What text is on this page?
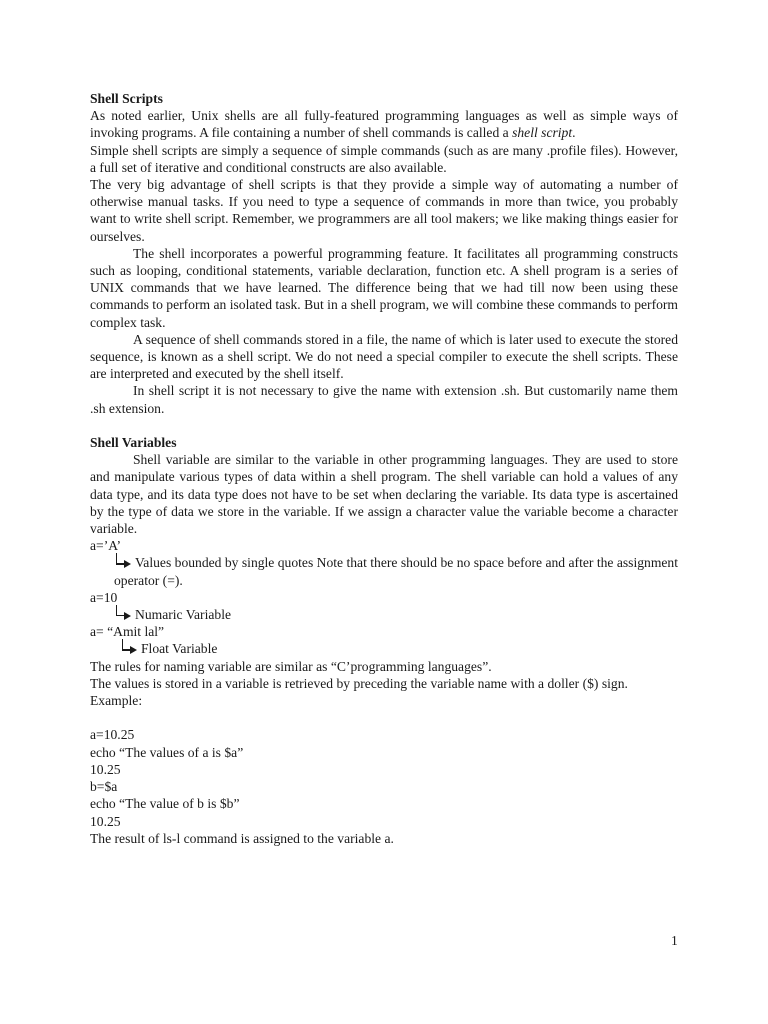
Shell Scripts

As noted earlier, Unix shells are all fully-featured programming languages as well as simple ways of invoking programs. A file containing a number of shell commands is called a shell script.

Simple shell scripts are simply a sequence of simple commands (such as are many .profile files). However, a full set of iterative and conditional constructs are also available.

The very big advantage of shell scripts is that they provide a simple way of automating a number of otherwise manual tasks. If you need to type a sequence of commands in more than twice, you probably want to write shell script. Remember, we programmers are all tool makers; we like making things easier for ourselves.

The shell incorporates a powerful programming feature. It facilitates all programming constructs such as looping, conditional statements, variable declaration, function etc. A shell program is a series of UNIX commands that we have learned. The difference being that we had till now been using these commands to perform an isolated task. But in a shell program, we will combine these commands to perform complex task.

A sequence of shell commands stored in a file, the name of which is later used to execute the stored sequence, is known as a shell script. We do not need a special compiler to execute the shell scripts. These are interpreted and executed by the shell itself.

In shell script it is not necessary to give the name with extension .sh. But customarily name them .sh extension.

Shell Variables

Shell variable are similar to the variable in other programming languages. They are used to store and manipulate various types of data within a shell program. The shell variable can hold a values of any data type, and its data type does not have to be set when declaring the variable. Its data type is ascertained by the type of data we store in the variable. If we assign a character value the variable become a character variable.

a=’A’

Values bounded by single quotes Note that there should be no space before and after the assignment operator (=).

a=10

Numaric Variable

a= “Amit lal”

Float Variable

The rules for naming variable are similar as “C’programming languages”.

The values is stored in a variable is retrieved by preceding the variable name with a doller ($) sign.

Example:

a=10.25

echo “The values of a is $a”

10.25

b=$a

echo “The value of b is $b”

10.25

The result of ls-l command is assigned to the variable a.

1
